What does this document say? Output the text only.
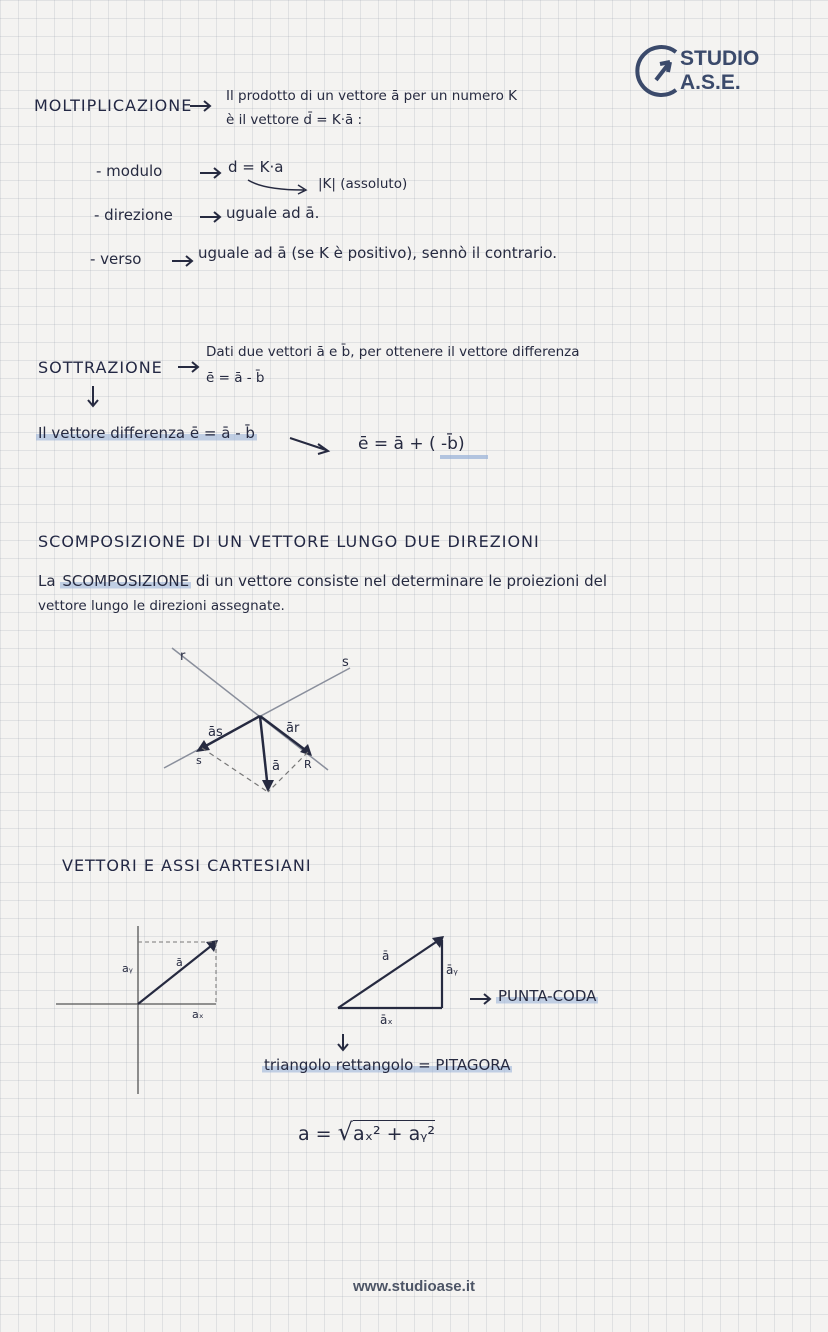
STUDIO
A.S.E.
MOLTIPLICAZIONE Il prodotto di un vettore ā per un numero K
è il vettore d̄ = K·ā :
- modulo	d = K·a
|K| (assoluto)
- direzione	uguale ad ā.
- verso	uguale ad ā (se K è positivo), sennò il contrario.
SOTTRAZIONE
Dati due vettori ā e b̄, per ottenere il vettore differenza
ē = ā - b̄
Il vettore differenza ē = ā - b̄
ē = ā + ( -b̄)
SCOMPOSIZIONE DI UN VETTORE LUNGO DUE DIREZIONI
La SCOMPOSIZIONE di un vettore consiste nel determinare le proiezioni del
vettore lungo le direzioni assegnate.
r	s
ās	ār
ā
s	R
VETTORI E ASSI CARTESIANI
aᵧ	ā
aₓ
ā
āᵧ
āₓ
PUNTA-CODA
triangolo rettangolo = PITAGORA
a = √aₓ² + aᵧ²
www.studioase.it
